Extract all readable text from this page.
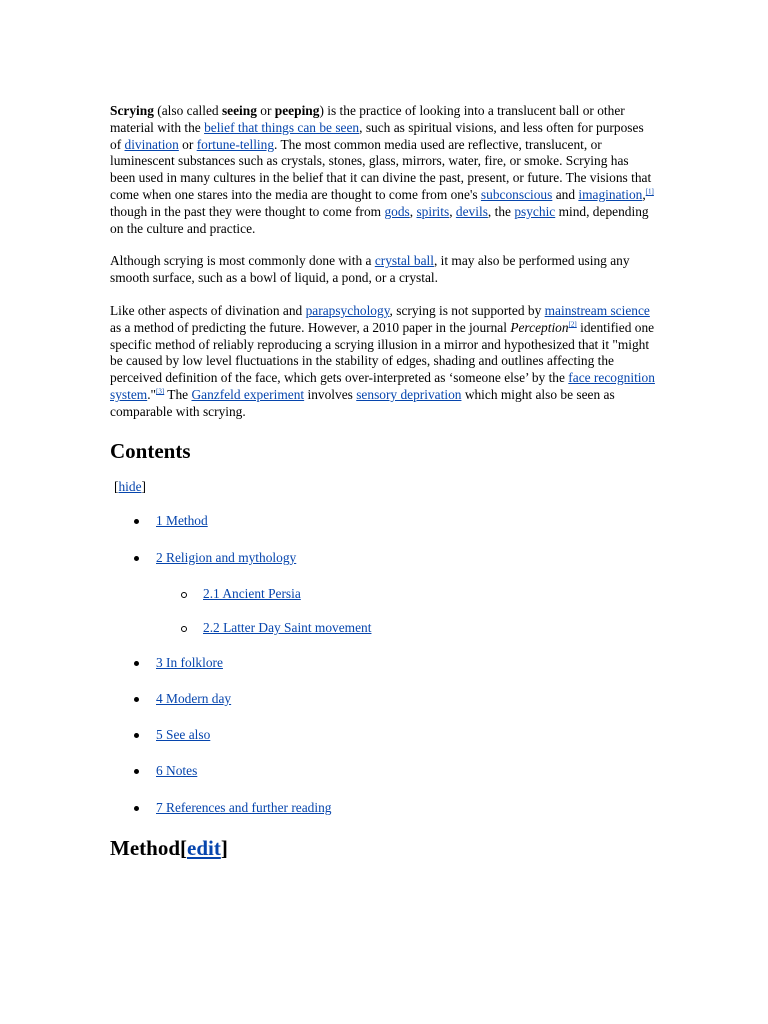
Scrying (also called seeing or peeping) is the practice of looking into a translucent ball or other material with the belief that things can be seen, such as spiritual visions, and less often for purposes of divination or fortune-telling. The most common media used are reflective, translucent, or luminescent substances such as crystals, stones, glass, mirrors, water, fire, or smoke. Scrying has been used in many cultures in the belief that it can divine the past, present, or future. The visions that come when one stares into the media are thought to come from one's subconscious and imagination,[1] though in the past they were thought to come from gods, spirits, devils, the psychic mind, depending on the culture and practice.

Although scrying is most commonly done with a crystal ball, it may also be performed using any smooth surface, such as a bowl of liquid, a pond, or a crystal.

Like other aspects of divination and parapsychology, scrying is not supported by mainstream science as a method of predicting the future. However, a 2010 paper in the journal Perception[2] identified one specific method of reliably reproducing a scrying illusion in a mirror and hypothesized that it "might be caused by low level fluctuations in the stability of edges, shading and outlines affecting the perceived definition of the face, which gets over-interpreted as ‘someone else’ by the face recognition system."[3] The Ganzfeld experiment involves sensory deprivation which might also be seen as comparable with scrying.

Contents
[hide]
1 Method
2 Religion and mythology
2.1 Ancient Persia
2.2 Latter Day Saint movement
3 In folklore
4 Modern day
5 See also
6 Notes
7 References and further reading
Method[edit]
